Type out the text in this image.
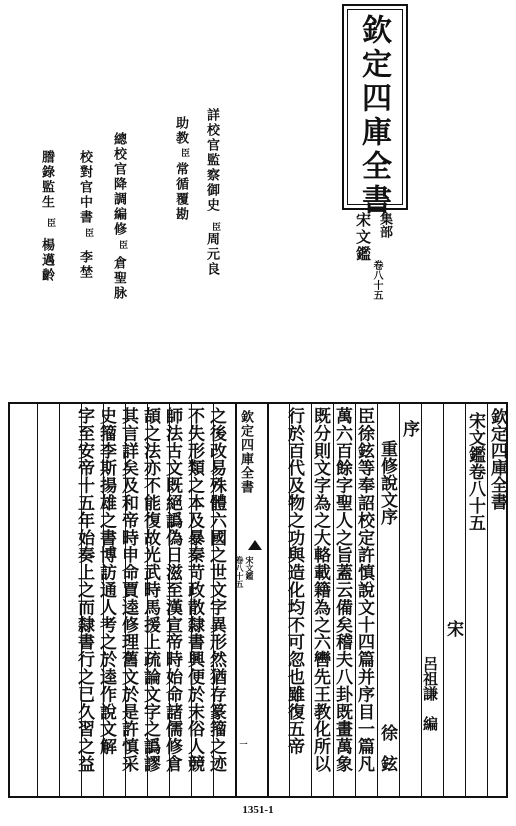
欽定四庫全書
集部
宋文鑑
卷八十五
詳校官監察御史
臣
周元良
助教
臣
常循覆勘
總校官降調編修
臣
倉聖脉
校對官中書
臣
李埜
謄錄監生
臣
楊邁齡
欽定四庫全書
宋文鑑卷八十五
宋
呂祖謙　編
序
重修說文序
徐鉉
臣徐鉉等奉詔校定許慎說文十四篇并序目一篇凡
萬六百餘字聖人之旨蓋云備矣稽夫八卦既畫萬象
既分則文字為之大輅載籍為之六轡先王教化所以
欽定四庫全書
宋文鑑
卷八十五
一 行於百代及物之功與造化均不可忽也雖復五帝
之後改易殊體六國之世文字異形然猶存篆籀之迹
不失形類之本及暴秦苛政散隸書興便於末俗人競
師法古文既絕譌偽日滋至漢宣帝時始命諸儒修倉
頡之法亦不能復故光武時馬援上疏論文字之譌謬
其言詳矣及和帝時申命賈逵修理舊文於是許慎采
史籀李斯揚雄之書博訪通人考之於逵作說文解
字至安帝十五年始奏上之而隸書行之已久習之益
1351-1
